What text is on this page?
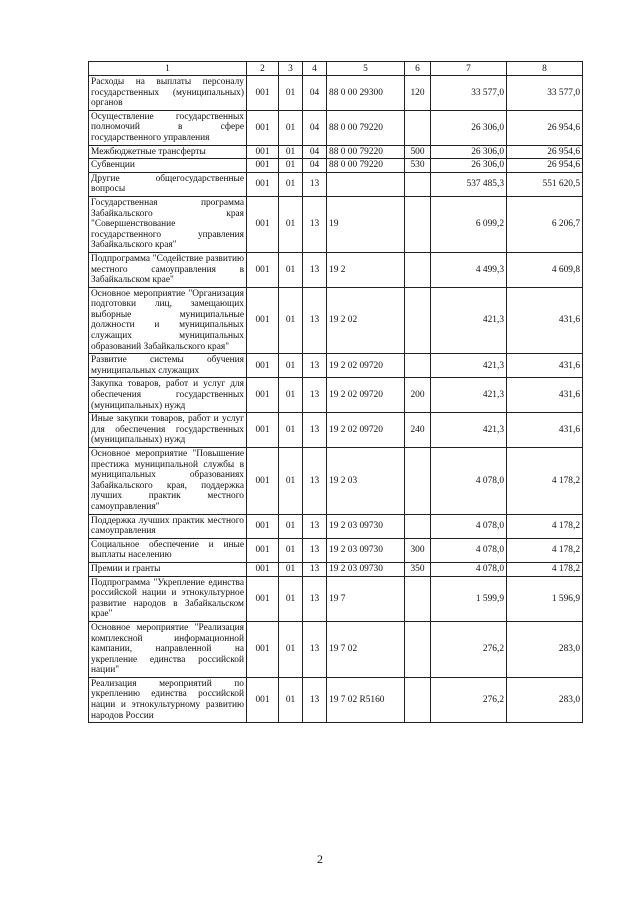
1	2	3	4	5	6	7	8
Расходы на выплаты персоналу государственных (муниципальных) органов	001	01	04	88 0 00 29300	120	33 577,0	33 577,0
Осуществление государственных полномочий в сфере государственного управления	001	01	04	88 0 00 79220		26 306,0	26 954,6
Межбюджетные трансферты	001	01	04	88 0 00 79220	500	26 306,0	26 954,6
Субвенции	001	01	04	88 0 00 79220	530	26 306,0	26 954,6
Другие общегосударственные вопросы	001	01	13			537 485,3	551 620,5
Государственная программа Забайкальского края "Совершенствование государственного управления Забайкальского края"	001	01	13	19		6 099,2	6 206,7
Подпрограмма "Содействие развитию местного самоуправления в Забайкальском крае"	001	01	13	19 2		4 499,3	4 609,8
Основное мероприятие "Организация подготовки лиц, замещающих выборные муниципальные должности и муниципальных служащих муниципальных образований Забайкальского края"	001	01	13	19 2 02		421,3	431,6
Развитие системы обучения муниципальных служащих	001	01	13	19 2 02 09720		421,3	431,6
Закупка товаров, работ и услуг для обеспечения государственных (муниципальных) нужд	001	01	13	19 2 02 09720	200	421,3	431,6
Иные закупки товаров, работ и услуг для обеспечения государственных (муниципальных) нужд	001	01	13	19 2 02 09720	240	421,3	431,6
Основное мероприятие "Повышение престижа муниципальной службы в муниципальных образованиях Забайкальского края, поддержка лучших практик местного самоуправления"	001	01	13	19 2 03		4 078,0	4 178,2
Поддержка лучших практик местного самоуправления	001	01	13	19 2 03 09730		4 078,0	4 178,2
Социальное обеспечение и иные выплаты населению	001	01	13	19 2 03 09730	300	4 078,0	4 178,2
Премии и гранты	001	01	13	19 2 03 09730	350	4 078,0	4 178,2
Подпрограмма "Укрепление единства российской нации и этнокультурное развитие народов в Забайкальском крае"	001	01	13	19 7		1 599,9	1 596,9
Основное мероприятие "Реализация комплексной информационной кампании, направленной на укрепление единства российской нации"	001	01	13	19 7 02		276,2	283,0
Реализация мероприятий по укреплению единства российской нации и этнокультурному развитию народов России	001	01	13	19 7 02 R5160		276,2	283,0
2
